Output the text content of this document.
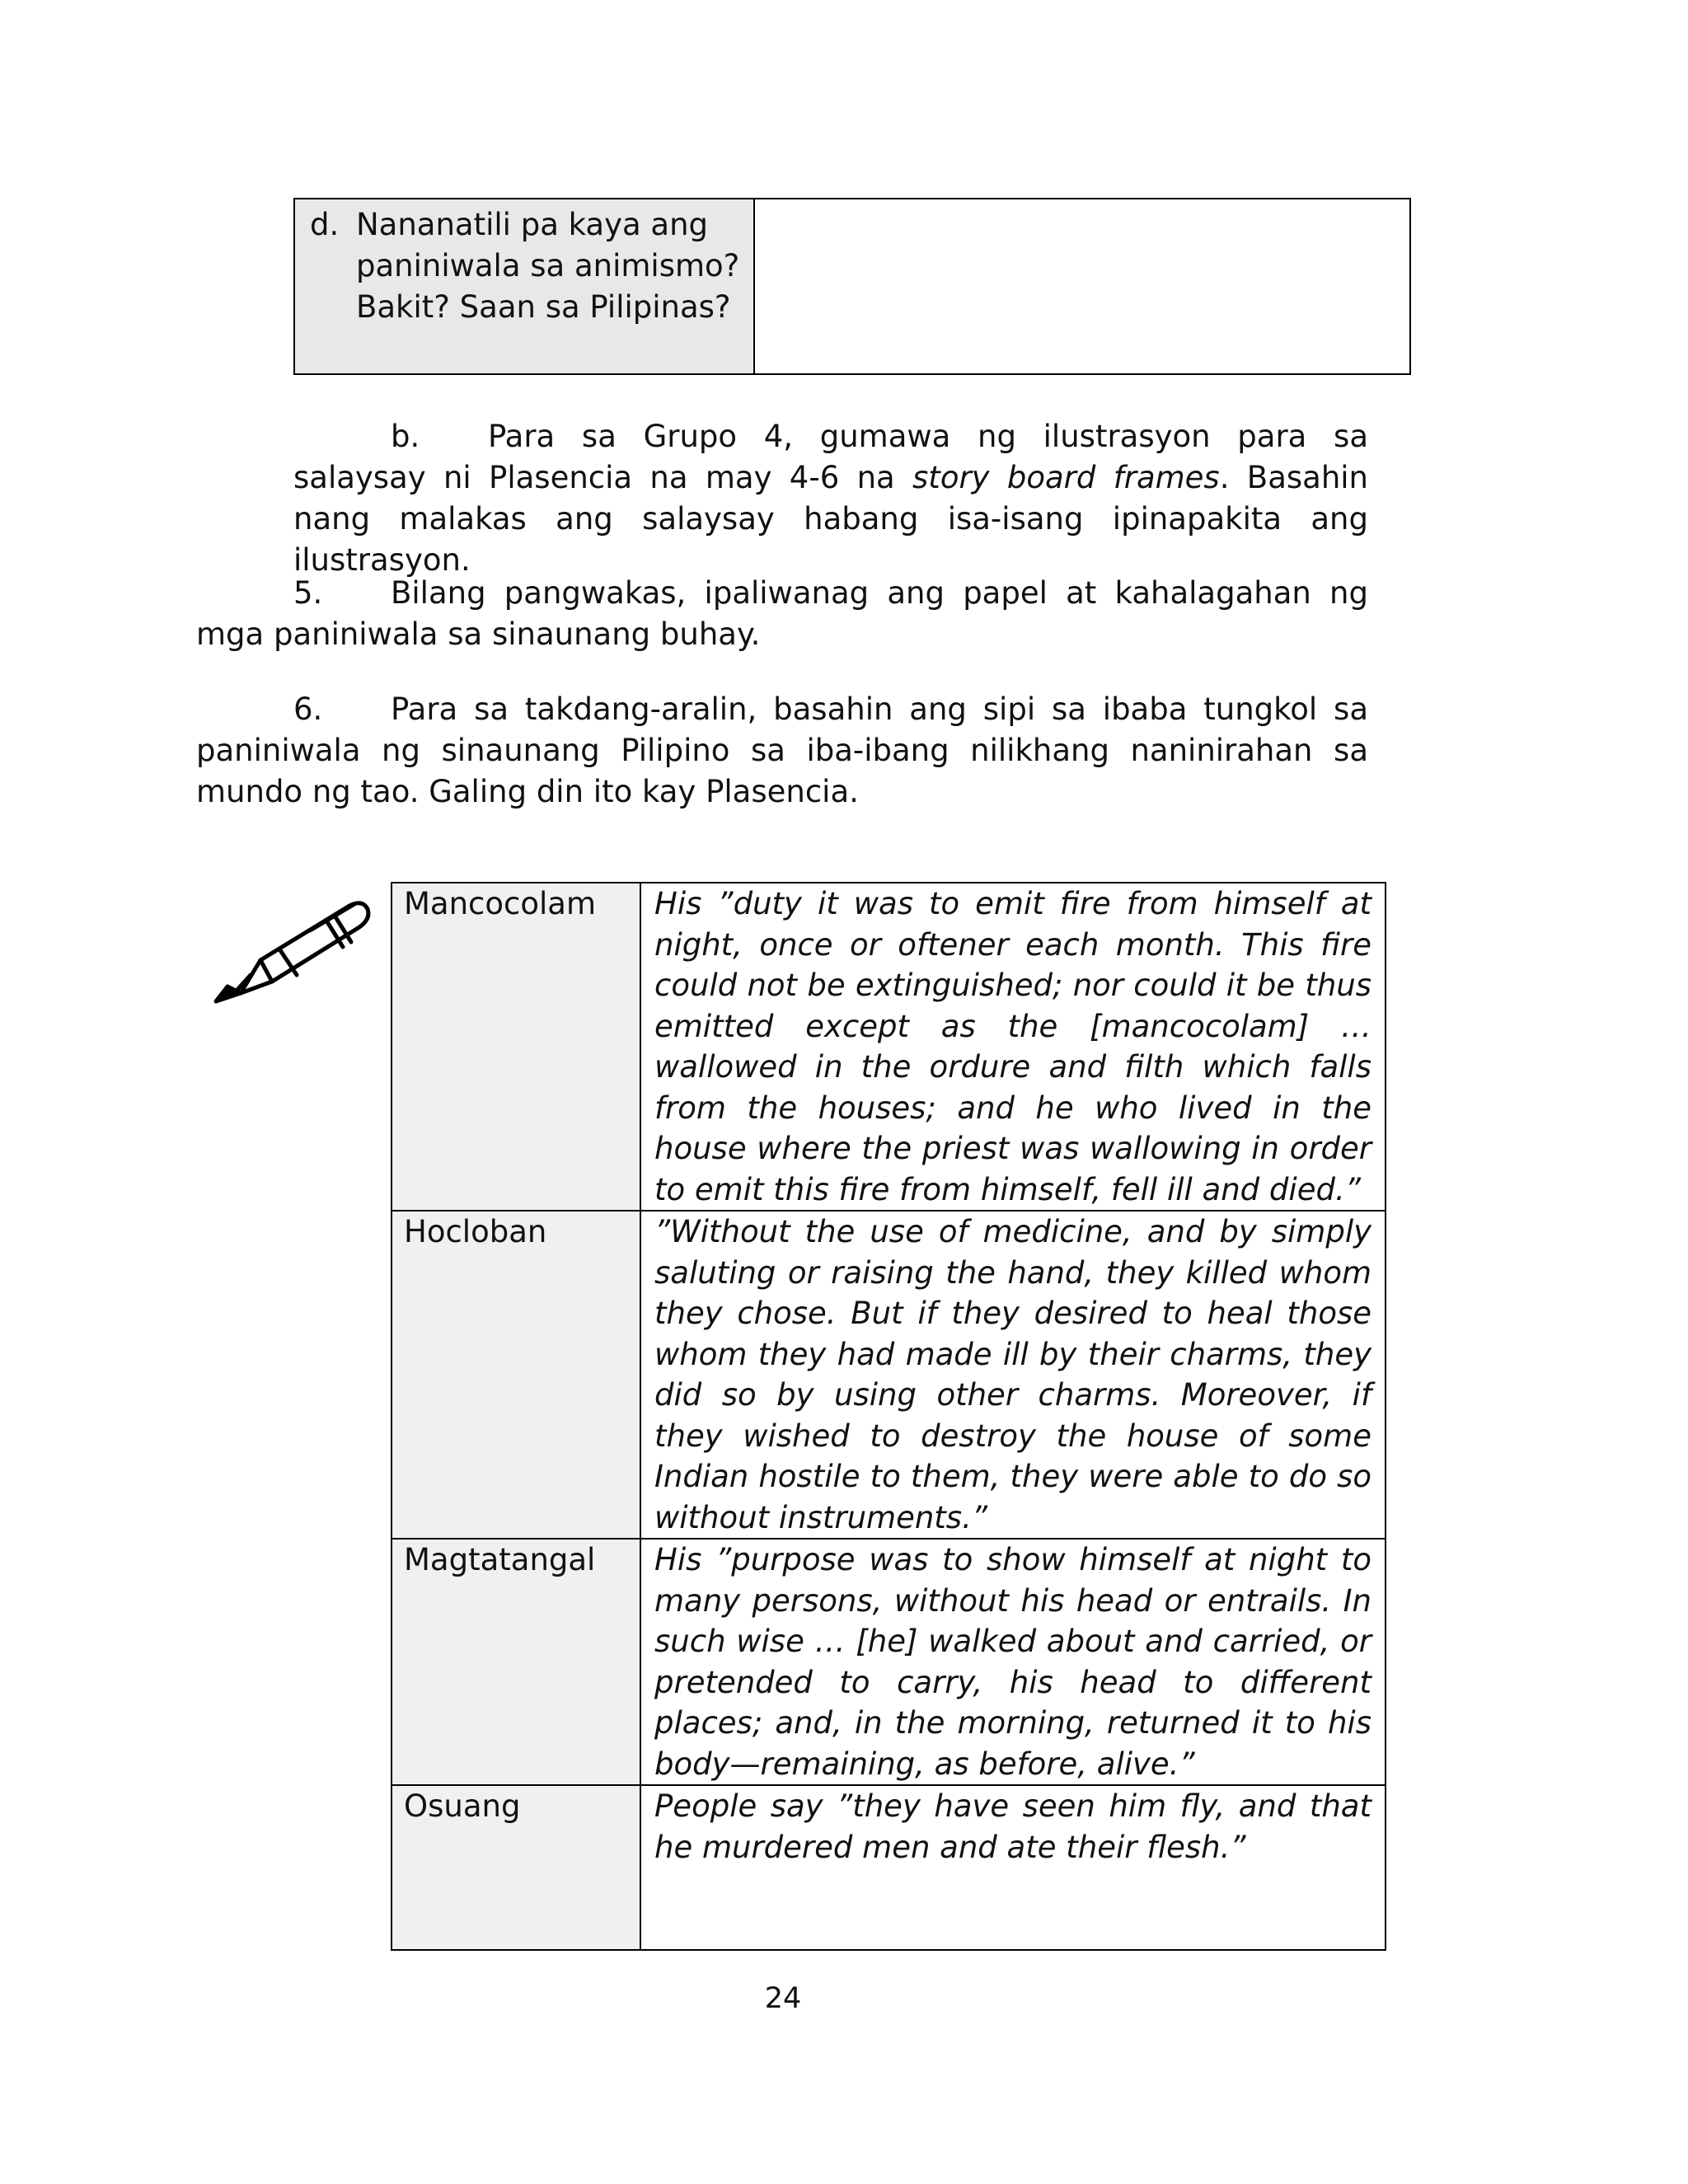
d. Nananatili pa kaya ang paniniwala sa animismo? Bakit? Saan sa Pilipinas?
b. Para sa Grupo 4, gumawa ng ilustrasyon para sa salaysay ni Plasencia na may 4-6 na story board frames. Basahin nang malakas ang salaysay habang isa-isang ipinapakita ang ilustrasyon.
5. Bilang pangwakas, ipaliwanag ang papel at kahalagahan ng mga paniniwala sa sinaunang buhay.
6. Para sa takdang-aralin, basahin ang sipi sa ibaba tungkol sa paniniwala ng sinaunang Pilipino sa iba-ibang nilikhang naninirahan sa mundo ng tao. Galing din ito kay Plasencia.
Mancocolam	His ”duty it was to emit fire from himself at night, once or oftener each month. This fire could not be extinguished; nor could it be thus emitted except as the [mancocolam] … wallowed in the ordure and filth which falls from the houses; and he who lived in the house where the priest was wallowing in order to emit this fire from himself, fell ill and died.”
Hocloban	”Without the use of medicine, and by simply saluting or raising the hand, they killed whom they chose. But if they desired to heal those whom they had made ill by their charms, they did so by using other charms. Moreover, if they wished to destroy the house of some Indian hostile to them, they were able to do so without instruments.”
Magtatangal	His ”purpose was to show himself at night to many persons, without his head or entrails. In such wise … [he] walked about and carried, or pretended to carry, his head to different places; and, in the morning, returned it to his body—remaining, as before, alive.”
Osuang	People say ”they have seen him fly, and that he murdered men and ate their flesh.”
24
